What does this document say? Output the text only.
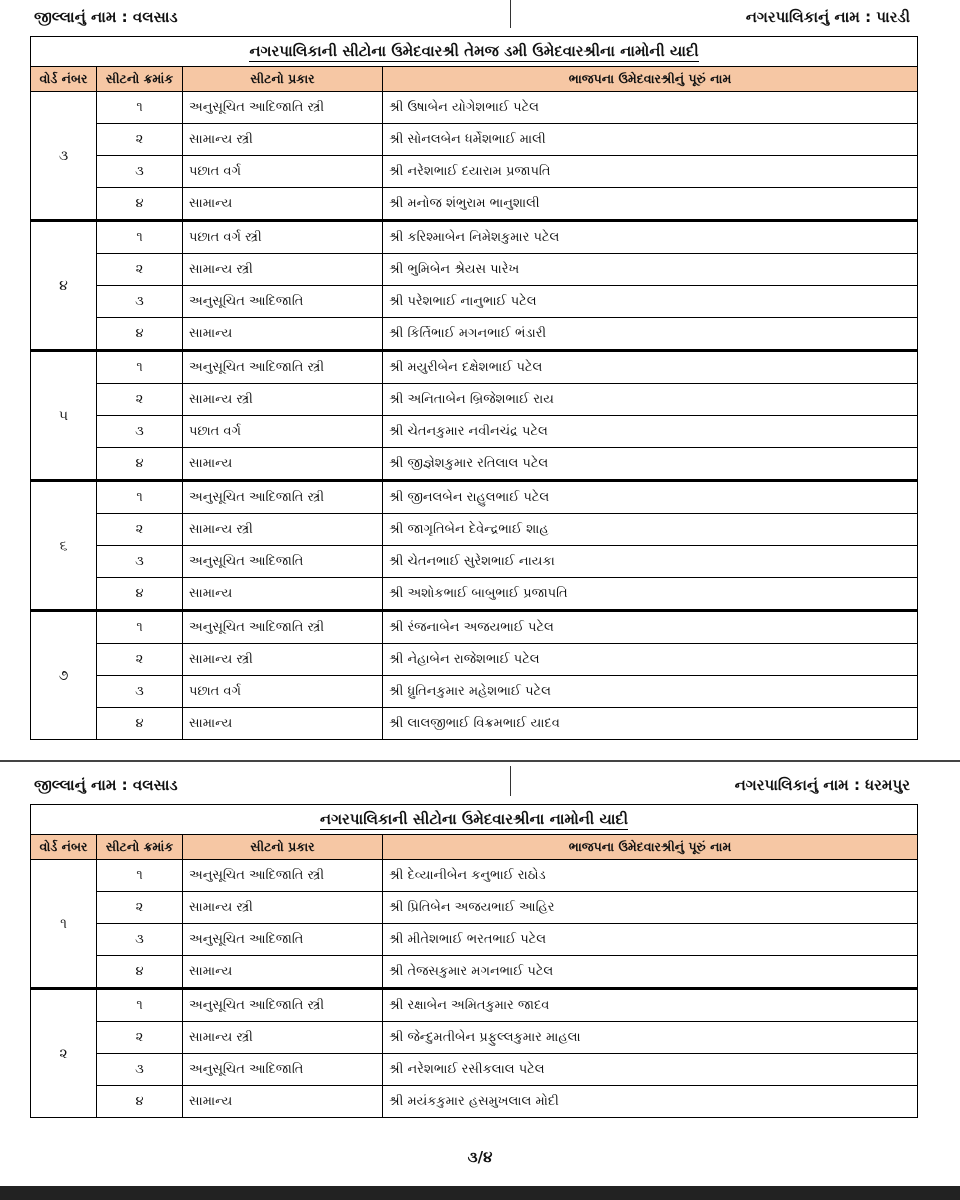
જીલ્લાનું નામ : વલસાડ	નગરપાલિકાનું નામ : પારડી
નગરપાલિકાની સીટોના ઉમેદવારશ્રી તેમજ ડમી ઉમેદવારશ્રીના નામોની યાદી
વોર્ડ નંબર	સીટનો ક્રમાંક	સીટનો પ્રકાર	ભાજપના ઉમેદવારશ્રીનું પૂરું નામ
૩	૧	અનુસૂચિત આદિજાતિ સ્ત્રી	શ્રી ઉષાબેન યોગેશભાઈ પટેલ
	૨	સામાન્ય સ્ત્રી	શ્રી સોનલબેન ધર્મેશભાઈ માલી
	૩	પછાત વર્ગ	શ્રી નરેશભાઈ દયારામ પ્રજાપતિ
	૪	સામાન્ય	શ્રી મનોજ શંભુરામ ભાનુશાલી
૪	૧	પછાત વર્ગ સ્ત્રી	શ્રી કરિશ્માબેન નિમેશકુમાર પટેલ
	૨	સામાન્ય સ્ત્રી	શ્રી ભુમિબેન શ્રેયસ પારેખ
	૩	અનુસૂચિત આદિજાતિ	શ્રી પરેશભાઈ નાનુભાઈ પટેલ
	૪	સામાન્ય	શ્રી કિર્તિભાઈ મગનભાઈ ભંડારી
૫	૧	અનુસૂચિત આદિજાતિ સ્ત્રી	શ્રી મયુરીબેન દક્ષેશભાઈ પટેલ
	૨	સામાન્ય સ્ત્રી	શ્રી અનિતાબેન બ્રિજેશભાઈ રાય
	૩	પછાત વર્ગ	શ્રી ચેતનકુમાર નવીનચંદ્ર પટેલ
	૪	સામાન્ય	શ્રી જીજ્ઞેશકુમાર રતિલાલ પટેલ
૬	૧	અનુસૂચિત આદિજાતિ સ્ત્રી	શ્રી જીનલબેન રાહુલભાઈ પટેલ
	૨	સામાન્ય સ્ત્રી	શ્રી જાગૃતિબેન દેવેન્દ્રભાઈ શાહ
	૩	અનુસૂચિત આદિજાતિ	શ્રી ચેતનભાઈ સુરેશભાઈ નાયકા
	૪	સામાન્ય	શ્રી અશોકભાઈ બાબુભાઈ પ્રજાપતિ
૭	૧	અનુસૂચિત આદિજાતિ સ્ત્રી	શ્રી રંજનાબેન અજયભાઈ પટેલ
	૨	સામાન્ય સ્ત્રી	શ્રી નેહાબેન રાજેશભાઈ પટેલ
	૩	પછાત વર્ગ	શ્રી ધ્રુતિનકુમાર મહેશભાઈ પટેલ
	૪	સામાન્ય	શ્રી લાલજીભાઈ વિક્રમભાઈ યાદવ
જીલ્લાનું નામ : વલસાડ	નગરપાલિકાનું નામ : ધરમપુર
નગરપાલિકાની સીટોના ઉમેદવારશ્રીના નામોની યાદી
વોર્ડ નંબર	સીટનો ક્રમાંક	સીટનો પ્રકાર	ભાજપના ઉમેદવારશ્રીનું પૂરું નામ
૧	૧	અનુસૂચિત આદિજાતિ સ્ત્રી	શ્રી દેવ્યાનીબેન કનુભાઈ રાઠોડ
	૨	સામાન્ય સ્ત્રી	શ્રી પ્રિતિબેન અજયભાઈ આહિર
	૩	અનુસૂચિત આદિજાતિ	શ્રી મીતેશભાઈ ભરતભાઈ પટેલ
	૪	સામાન્ય	શ્રી તેજસકુમાર મગનભાઈ પટેલ
૨	૧	અનુસૂચિત આદિજાતિ સ્ત્રી	શ્રી રક્ષાબેન અમિતકુમાર જાદવ
	૨	સામાન્ય સ્ત્રી	શ્રી જેન્દુમતીબેન પ્રફુલ્લકુમાર માહલા
	૩	અનુસૂચિત આદિજાતિ	શ્રી નરેશભાઈ રસીકલાલ પટેલ
	૪	સામાન્ય	શ્રી મયંકકુમાર હસમુખલાલ મોદી
૩/૪
